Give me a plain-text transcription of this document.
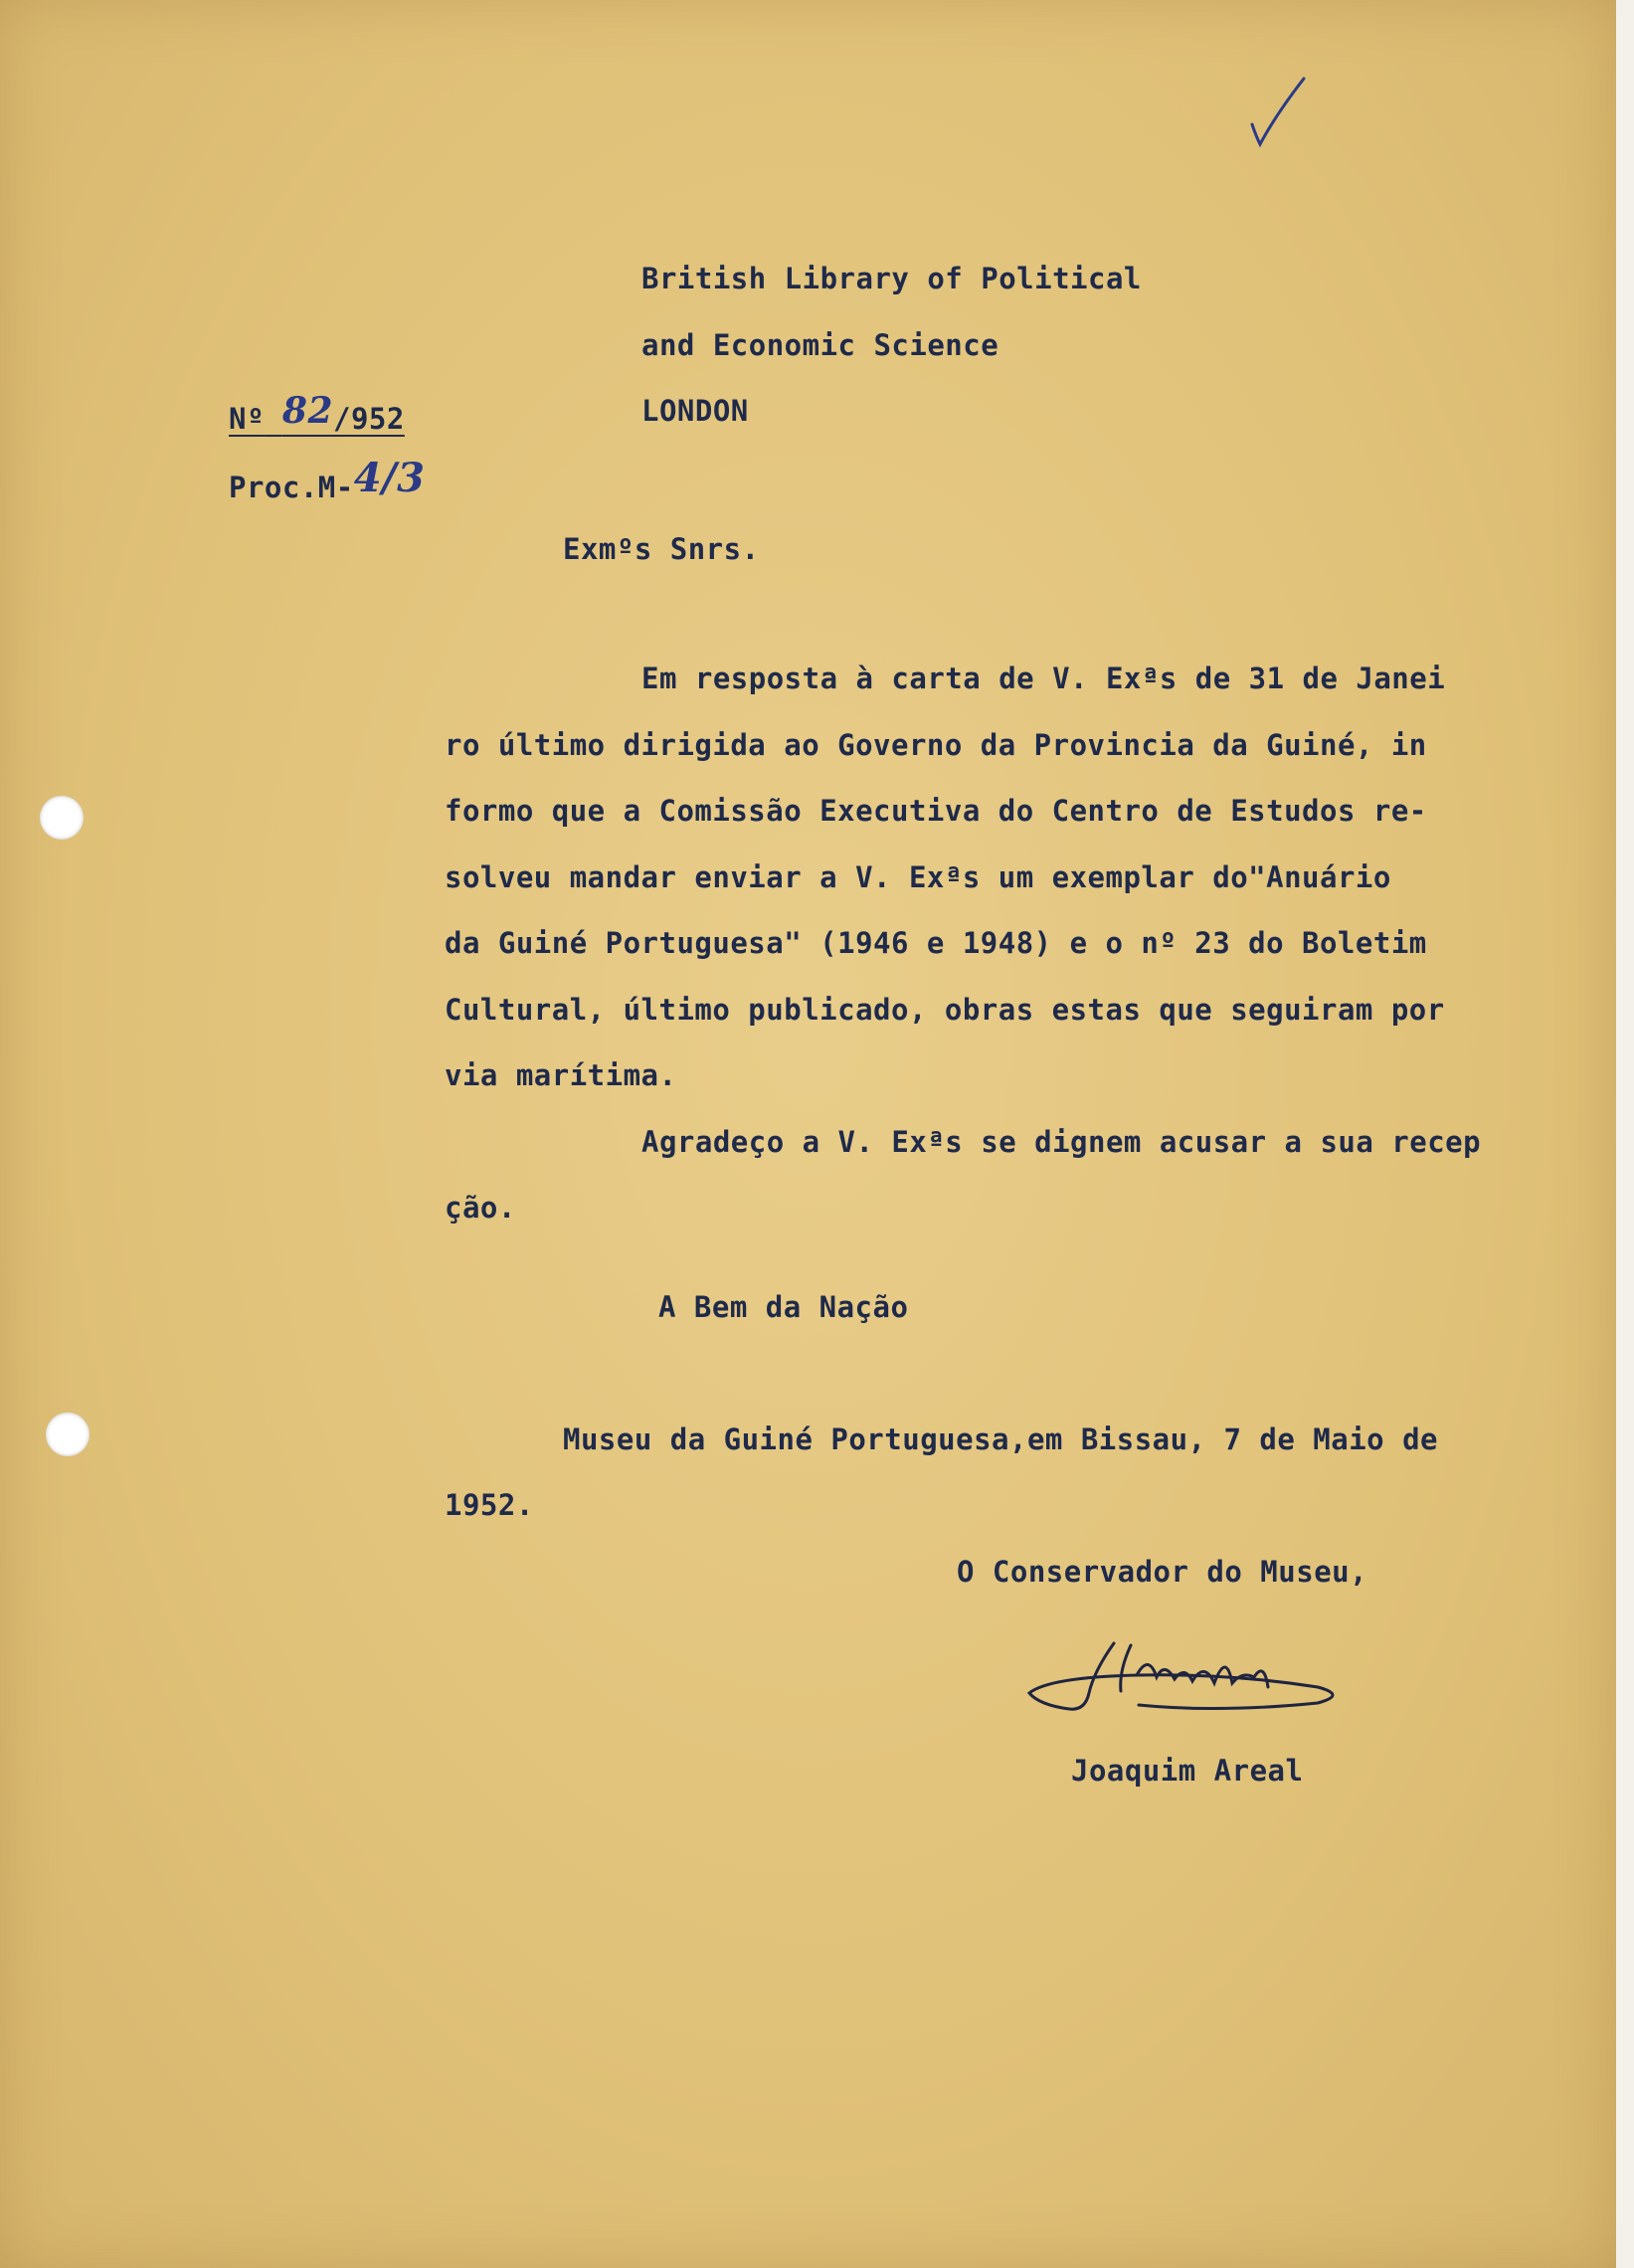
British Library of Political
and Economic Science
LONDON
Nº 82/952
Proc.M-4/3
Exmºs Snrs.
Em resposta à carta de V. Exªs de 31 de Janei
ro último dirigida ao Governo da Provincia da Guiné, in
formo que a Comissão Executiva do Centro de Estudos re-
solveu mandar enviar a V. Exªs um exemplar do"Anuário
da Guiné Portuguesa" (1946 e 1948) e o nº 23 do Boletim
Cultural, último publicado, obras estas que seguiram por
via marítima.
Agradeço a V. Exªs se dignem acusar a sua recep
ção.
A Bem da Nação
Museu da Guiné Portuguesa,em Bissau, 7 de Maio de
1952.
O Conservador do Museu,
Joaquim Areal
